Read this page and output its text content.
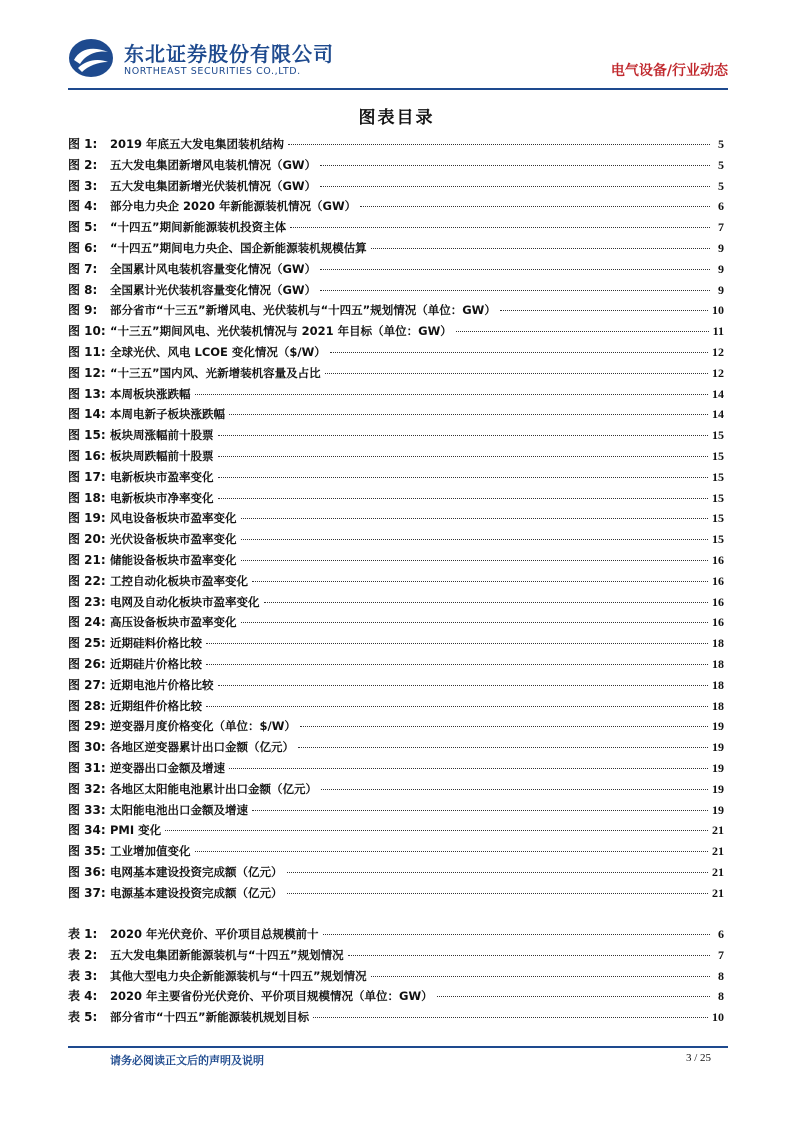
东北证券股份有限公司
NORTHEAST SECURITIES CO.,LTD.	电气设备/行业动态
图表目录
图 1:	2019 年底五大发电集团装机结构	5
图 2:	五大发电集团新增风电装机情况（GW）	5
图 3:	五大发电集团新增光伏装机情况（GW）	5
图 4:	部分电力央企 2020 年新能源装机情况（GW）	6
图 5:	“十四五”期间新能源装机投资主体	7
图 6:	“十四五”期间电力央企、国企新能源装机规模估算	9
图 7:	全国累计风电装机容量变化情况（GW）	9
图 8:	全国累计光伏装机容量变化情况（GW）	9
图 9:	部分省市“十三五”新增风电、光伏装机与“十四五”规划情况（单位：GW）	10
图 10: “十三五”期间风电、光伏装机情况与 2021 年目标（单位：GW）	11
图 11: 全球光伏、风电 LCOE 变化情况（$/W）	12
图 12: “十三五”国内风、光新增装机容量及占比	12
图 13: 本周板块涨跌幅	14
图 14: 本周电新子板块涨跌幅	14
图 15: 板块周涨幅前十股票	15
图 16: 板块周跌幅前十股票	15
图 17: 电新板块市盈率变化	15
图 18: 电新板块市净率变化	15
图 19: 风电设备板块市盈率变化	15
图 20: 光伏设备板块市盈率变化	15
图 21: 储能设备板块市盈率变化	16
图 22: 工控自动化板块市盈率变化	16
图 23: 电网及自动化板块市盈率变化	16
图 24: 高压设备板块市盈率变化	16
图 25: 近期硅料价格比较	18
图 26: 近期硅片价格比较	18
图 27: 近期电池片价格比较	18
图 28: 近期组件价格比较	18
图 29: 逆变器月度价格变化（单位：$/W）	19
图 30: 各地区逆变器累计出口金额（亿元）	19
图 31: 逆变器出口金额及增速	19
图 32: 各地区太阳能电池累计出口金额（亿元）	19
图 33: 太阳能电池出口金额及增速	19
图 34: PMI 变化	21
图 35: 工业增加值变化	21
图 36: 电网基本建设投资完成额（亿元）	21
图 37: 电源基本建设投资完成额（亿元）	21
表 1:	2020 年光伏竞价、平价项目总规模前十	6
表 2:	五大发电集团新能源装机与“十四五”规划情况	7
表 3:	其他大型电力央企新能源装机与“十四五”规划情况	8
表 4:	2020 年主要省份光伏竞价、平价项目规模情况（单位：GW）	8
表 5:	部分省市“十四五”新能源装机规划目标	10
请务必阅读正文后的声明及说明	3 / 25
